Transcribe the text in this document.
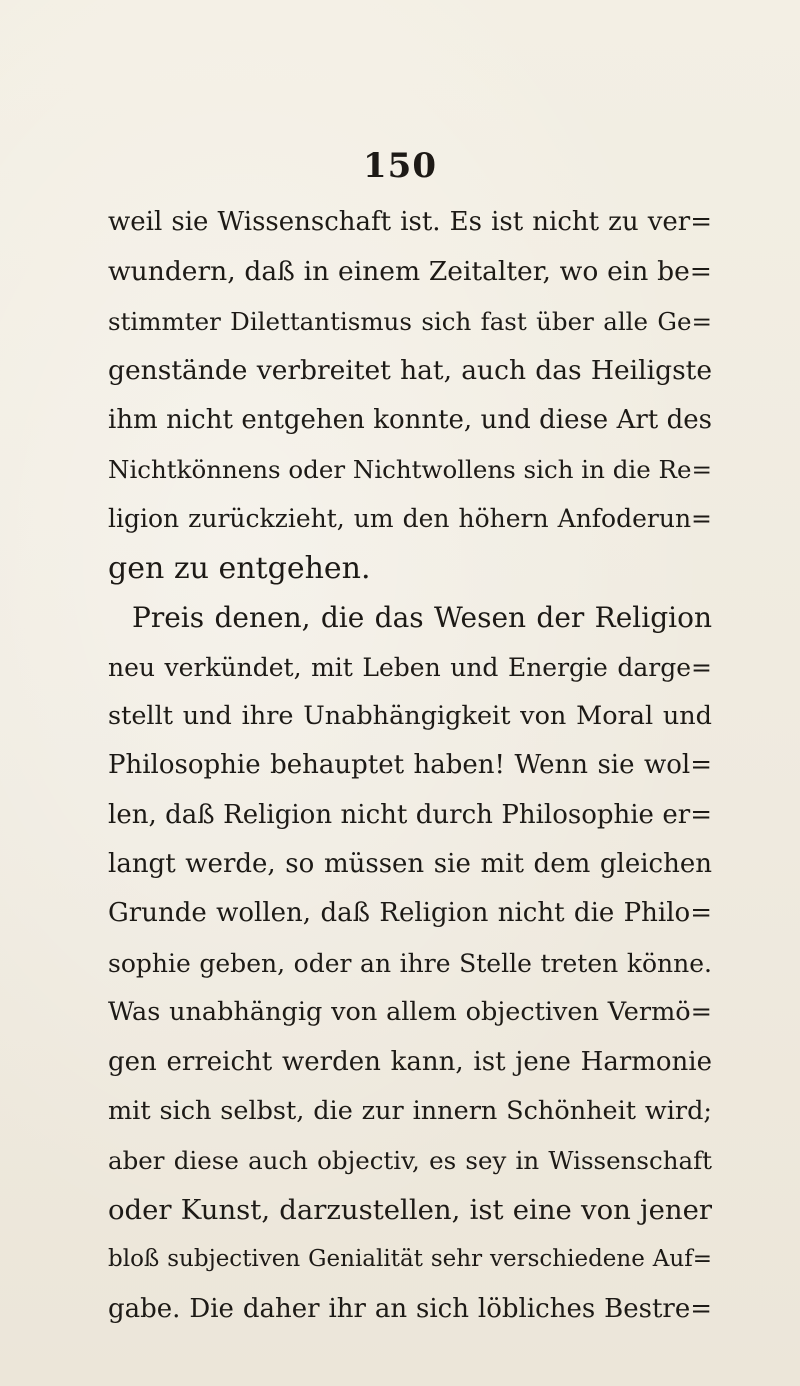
150
weil sie Wissenschaft ist. Es ist nicht zu ver=
wundern, daß in einem Zeitalter, wo ein be=
stimmter Dilettantismus sich fast über alle Ge=
genstände verbreitet hat, auch das Heiligste
ihm nicht entgehen konnte, und diese Art des
Nichtkönnens oder Nichtwollens sich in die Re=
ligion zurückzieht, um den höhern Anfoderun=
gen zu entgehen.
Preis denen, die das Wesen der Religion
neu verkündet, mit Leben und Energie darge=
stellt und ihre Unabhängigkeit von Moral und
Philosophie behauptet haben! Wenn sie wol=
len, daß Religion nicht durch Philosophie er=
langt werde, so müssen sie mit dem gleichen
Grunde wollen, daß Religion nicht die Philo=
sophie geben, oder an ihre Stelle treten könne.
Was unabhängig von allem objectiven Vermö=
gen erreicht werden kann, ist jene Harmonie
mit sich selbst, die zur innern Schönheit wird;
aber diese auch objectiv, es sey in Wissenschaft
oder Kunst, darzustellen, ist eine von jener
bloß subjectiven Genialität sehr verschiedene Auf=
gabe. Die daher ihr an sich löbliches Bestre=
